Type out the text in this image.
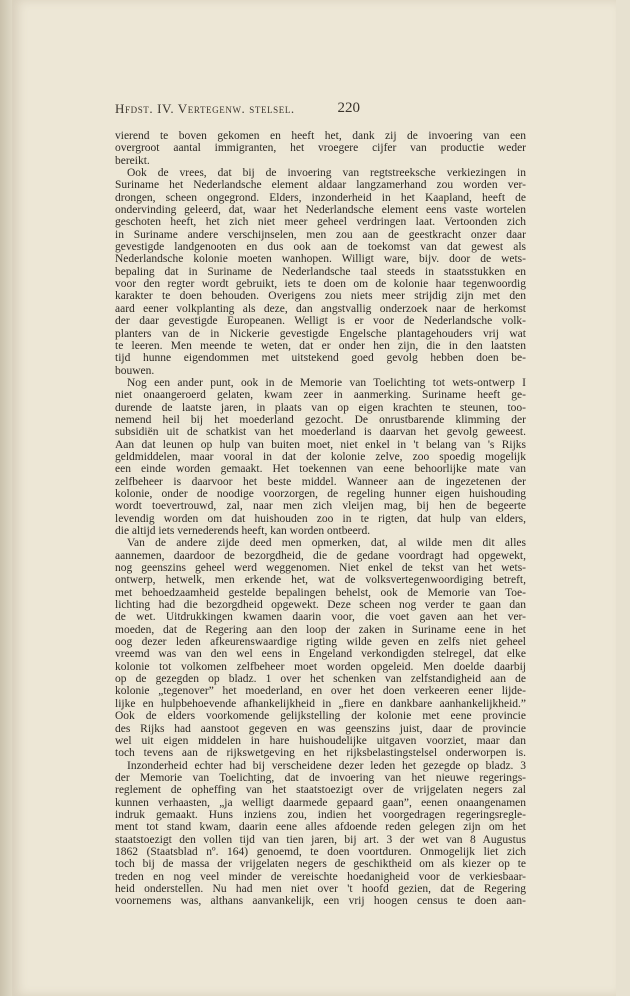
Hfdst. IV. Vertegenw. stelsel.	220
vierend te boven gekomen en heeft het, dank zij de invoering van een
overgroot aantal immigranten, het vroegere cijfer van productie weder
bereikt.
Ook de vrees, dat bij de invoering van regtstreeksche verkiezingen in
Suriname het Nederlandsche element aldaar langzamerhand zou worden ver-
drongen, scheen ongegrond. Elders, inzonderheid in het Kaapland, heeft de
ondervinding geleerd, dat, waar het Nederlandsche element eens vaste wortelen
geschoten heeft, het zich niet meer geheel verdringen laat. Vertoonden zich
in Suriname andere verschijnselen, men zou aan de geestkracht onzer daar
gevestigde landgenooten en dus ook aan de toekomst van dat gewest als
Nederlandsche kolonie moeten wanhopen. Willigt ware, bijv. door de wets-
bepaling dat in Suriname de Nederlandsche taal steeds in staatsstukken en
voor den regter wordt gebruikt, iets te doen om de kolonie haar tegenwoordig
karakter te doen behouden. Overigens zou niets meer strijdig zijn met den
aard eener volkplanting als deze, dan angstvallig onderzoek naar de herkomst
der daar gevestigde Europeanen. Welligt is er voor de Nederlandsche volk-
planters van de in Nickerie gevestigde Engelsche plantagehouders vrij wat
te leeren. Men meende te weten, dat er onder hen zijn, die in den laatsten
tijd hunne eigendommen met uitstekend goed gevolg hebben doen be-
bouwen.
Nog een ander punt, ook in de Memorie van Toelichting tot wets-ontwerp I
niet onaangeroerd gelaten, kwam zeer in aanmerking. Suriname heeft ge-
durende de laatste jaren, in plaats van op eigen krachten te steunen, too-
nemend heil bij het moederland gezocht. De onrustbarende klimming der
subsidiën uit de schatkist van het moederland is daarvan het gevolg geweest.
Aan dat leunen op hulp van buiten moet, niet enkel in 't belang van 's Rijks
geldmiddelen, maar vooral in dat der kolonie zelve, zoo spoedig mogelijk
een einde worden gemaakt. Het toekennen van eene behoorlijke mate van
zelfbeheer is daarvoor het beste middel. Wanneer aan de ingezetenen der
kolonie, onder de noodige voorzorgen, de regeling hunner eigen huishouding
wordt toevertrouwd, zal, naar men zich vleijen mag, bij hen de begeerte
levendig worden om dat huishouden zoo in te rigten, dat hulp van elders,
die altijd iets vernederends heeft, kan worden ontbeerd.
Van de andere zijde deed men opmerken, dat, al wilde men dit alles
aannemen, daardoor de bezorgdheid, die de gedane voordragt had opgewekt,
nog geenszins geheel werd weggenomen. Niet enkel de tekst van het wets-
ontwerp, hetwelk, men erkende het, wat de volksvertegenwoordiging betreft,
met behoedzaamheid gestelde bepalingen behelst, ook de Memorie van Toe-
lichting had die bezorgdheid opgewekt. Deze scheen nog verder te gaan dan
de wet. Uitdrukkingen kwamen daarin voor, die voet gaven aan het ver-
moeden, dat de Regering aan den loop der zaken in Suriname eene in het
oog dezer leden afkeurenswaardige rigting wilde geven en zelfs niet geheel
vreemd was van den wel eens in Engeland verkondigden stelregel, dat elke
kolonie tot volkomen zelfbeheer moet worden opgeleid. Men doelde daarbij
op de gezegden op bladz. 1 over het schenken van zelfstandigheid aan de
kolonie „tegenover” het moederland, en over het doen verkeeren eener lijde-
lijke en hulpbehoevende afhankelijkheid in „fiere en dankbare aanhankelijkheid.”
Ook de elders voorkomende gelijkstelling der kolonie met eene provincie
des Rijks had aanstoot gegeven en was geenszins juist, daar de provincie
wel uit eigen middelen in hare huishoudelijke uitgaven voorziet, maar dan
toch tevens aan de rijkswetgeving en het rijksbelastingstelsel onderworpen is.
Inzonderheid echter had bij verscheidene dezer leden het gezegde op bladz. 3
der Memorie van Toelichting, dat de invoering van het nieuwe regerings-
reglement de opheffing van het staatstoezigt over de vrijgelaten negers zal
kunnen verhaasten, „ja welligt daarmede gepaard gaan”, eenen onaangenamen
indruk gemaakt. Huns inziens zou, indien het voorgedragen regeringsregle-
ment tot stand kwam, daarin eene alles afdoende reden gelegen zijn om het
staatstoezigt den vollen tijd van tien jaren, bij art. 3 der wet van 8 Augustus
1862 (Staatsblad nº. 164) genoemd, te doen voortduren. Onmogelijk liet zich
toch bij de massa der vrijgelaten negers de geschiktheid om als kiezer op te
treden en nog veel minder de vereischte hoedanigheid voor de verkiesbaar-
heid onderstellen. Nu had men niet over 't hoofd gezien, dat de Regering
voornemens was, althans aanvankelijk, een vrij hoogen census te doen aan-
